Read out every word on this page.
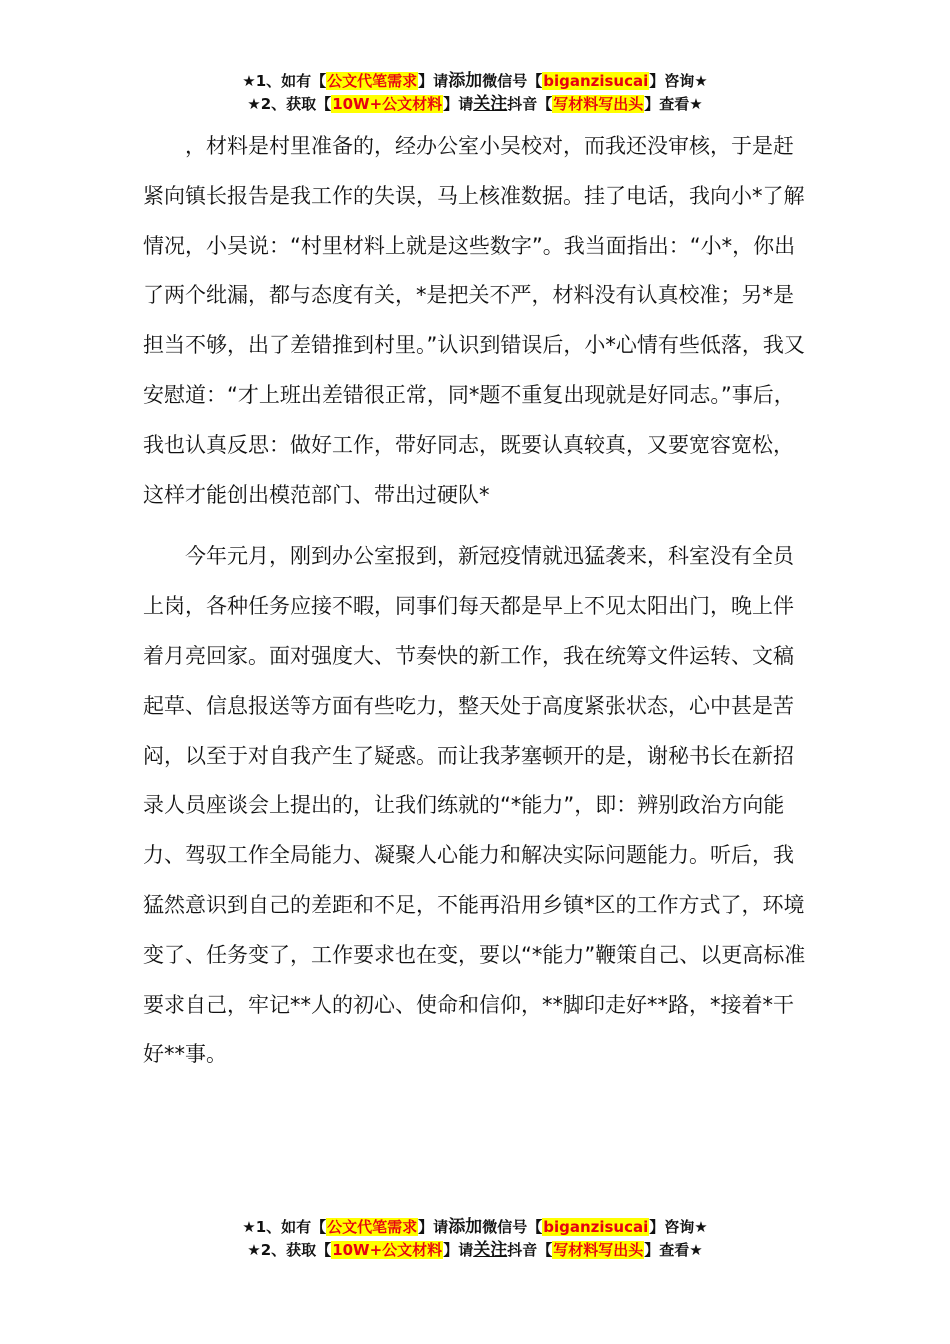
★1、如有【公文代笔需求】请添加微信号【biganzisucai】咨询★
★2、获取【10W+公文材料】请关注抖音【写材料写出头】查看★

，材料是村里准备的，经办公室小吴校对，而我还没审核，于是赶紧向镇长报告是我工作的失误，马上核准数据。挂了电话，我向小*了解情况，小吴说：“村里材料上就是这些数字”。我当面指出：“小*，你出了两个纰漏，都与态度有关，*是把关不严，材料没有认真校准；另*是担当不够，出了差错推到村里。”认识到错误后，小*心情有些低落，我又安慰道：“才上班出差错很正常，同*题不重复出现就是好同志。”事后，我也认真反思：做好工作，带好同志，既要认真较真，又要宽容宽松，这样才能创出模范部门、带出过硬队*

今年元月，刚到办公室报到，新冠疫情就迅猛袭来，科室没有全员上岗，各种任务应接不暇，同事们每天都是早上不见太阳出门，晚上伴着月亮回家。面对强度大、节奏快的新工作，我在统筹文件运转、文稿起草、信息报送等方面有些吃力，整天处于高度紧张状态，心中甚是苦闷，以至于对自我产生了疑惑。而让我茅塞顿开的是，谢秘书长在新招录人员座谈会上提出的，让我们练就的“*能力”，即：辨别政治方向能力、驾驭工作全局能力、凝聚人心能力和解决实际问题能力。听后，我猛然意识到自己的差距和不足，不能再沿用乡镇*区的工作方式了，环境变了、任务变了，工作要求也在变，要以“*能力”鞭策自己、以更高标准要求自己，牢记**人的初心、使命和信仰，**脚印走好**路，*接着*干好**事。

★1、如有【公文代笔需求】请添加微信号【biganzisucai】咨询★
★2、获取【10W+公文材料】请关注抖音【写材料写出头】查看★
